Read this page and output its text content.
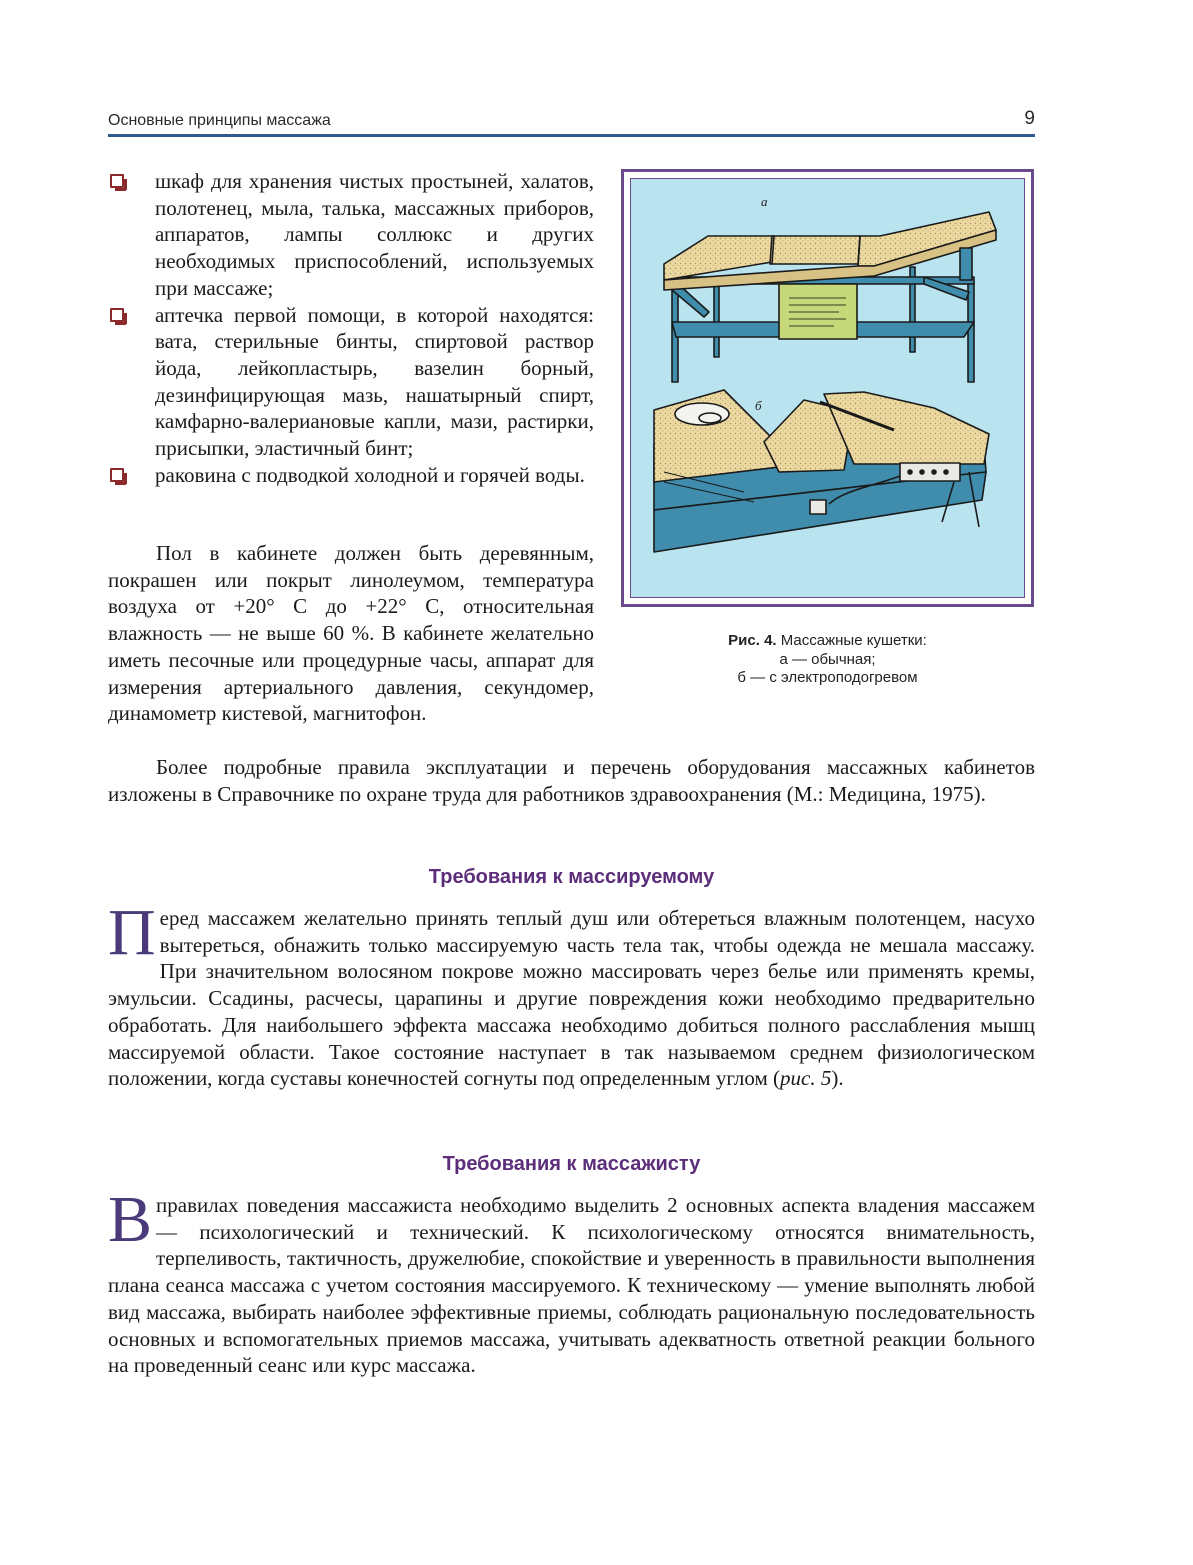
Основные принципы массажа	9
шкаф для хранения чистых простыней, халатов, полотенец, мыла, талька, массажных приборов, аппаратов, лампы соллюкс и других необходимых приспособлений, используемых при массаже;
аптечка первой помощи, в которой находятся: вата, стерильные бинты, спиртовой раствор йода, лейкопластырь, вазелин борный, дезинфицирующая мазь, нашатырный спирт, камфарно-валериановые капли, мази, растирки, присыпки, эластичный бинт;
раковина с подводкой холодной и горячей воды.

Пол в кабинете должен быть деревянным, покрашен или покрыт линолеумом, температура воздуха от +20° С до +22° С, относительная влажность — не выше 60 %. В кабинете желательно иметь песочные или процедурные часы, аппарат для измерения артериального давления, секундомер, динамометр кистевой, магнитофон.

а
б
Рис. 4. Массажные кушетки:
а — обычная;
б — с электроподогревом

Более подробные правила эксплуатации и перечень оборудования массажных кабинетов изложены в Справочнике по охране труда для работников здравоохранения (М.: Медицина, 1975).

Требования к массируемому

Перед массажем желательно принять теплый душ или обтереться влажным полотенцем, насухо вытереться, обнажить только массируемую часть тела так, чтобы одежда не мешала массажу. При значительном волосяном покрове можно массировать через белье или применять кремы, эмульсии. Ссадины, расчесы, царапины и другие повреждения кожи необходимо предварительно обработать. Для наибольшего эффекта массажа необходимо добиться полного расслабления мышц массируемой области. Такое состояние наступает в так называемом среднем физиологическом положении, когда суставы конечностей согнуты под определенным углом (рис. 5).

Требования к массажисту

В правилах поведения массажиста необходимо выделить 2 основных аспекта владения массажем — психологический и технический. К психологическому относятся внимательность, терпеливость, тактичность, дружелюбие, спокойствие и уверенность в правильности выполнения плана сеанса массажа с учетом состояния массируемого. К техническому — умение выполнять любой вид массажа, выбирать наиболее эффективные приемы, соблюдать рациональную последовательность основных и вспомогательных приемов массажа, учитывать адекватность ответной реакции больного на проведенный сеанс или курс массажа.
